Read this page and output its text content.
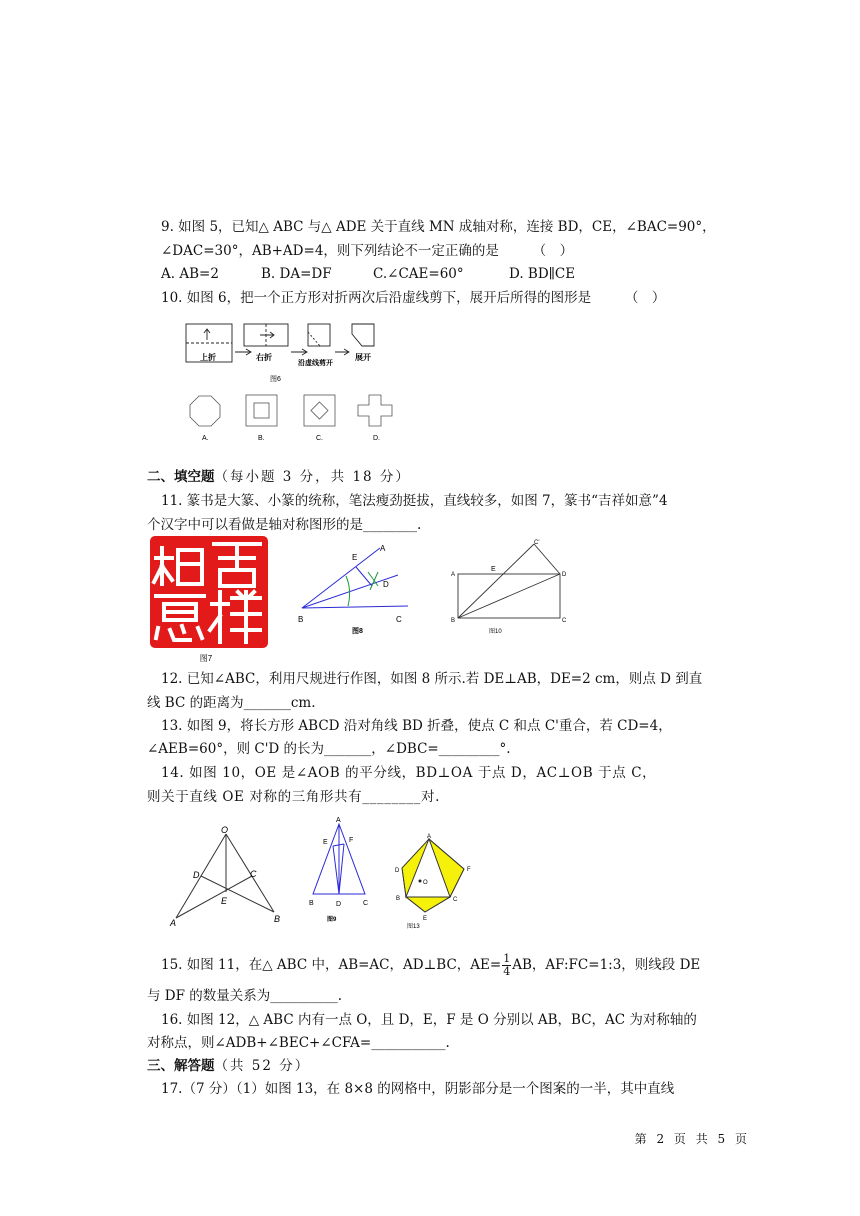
9. 如图 5，已知△ ABC 与△ ADE 关于直线 MN 成轴对称，连接 BD，CE，∠BAC=90°，
∠DAC=30°，AB+AD=4，则下列结论不一定正确的是　　　（　）
A. AB=2	B. DA=DF	C.∠CAE=60°	D. BD∥CE
10. 如图 6，把一个正方形对折两次后沿虚线剪下，展开后所得的图形是　　　（　）
上折	右折
沿虚线剪开
展开
图6
A.	B.	C.	D.
二、填空题（每小题 3 分，共 18 分）
11. 篆书是大篆、小篆的统称，笔法瘦劲挺拔，直线较多，如图 7，篆书“吉祥如意”4
个汉字中可以看做是轴对称图形的是________.
图7
E
A
D
B	C
图8
C'
A
E
D
B	C
图10
12. 已知∠ABC，利用尺规进行作图，如图 8 所示.若 DE⊥AB，DE=2 cm，则点 D 到直
线 BC 的距离为_______cm.
13. 如图 9，将长方形 ABCD 沿对角线 BD 折叠，使点 C 和点 C'重合，若 CD=4，
∠AEB=60°，则 C'D 的长为_______，∠DBC=_________°.
14. 如图 10，OE 是∠AOB 的平分线，BD⊥OA 于点 D，AC⊥OB 于点 C，
则关于直线 OE 对称的三角形共有________对.
O
D	C
E
A	B
A
E	F
B	D	C
图9
A
D
O
F
B
E
C
图13
15. 如图 11，在△ ABC 中，AB=AC，AD⊥BC，$AE= \frac{1}{4}$ AB，AF:FC=1:3，则线段 DE
与 DF 的数量关系为__________.
16. 如图 12，△ ABC 内有一点 O，且 D，E，F 是 O 分别以 AB，BC，AC 为对称轴的
对称点，则∠ADB+∠BEC+∠CFA=___________.
三、解答题（共 52 分）
17.（7 分）（1）如图 13，在 8×8 的网格中，阴影部分是一个图案的一半，其中直线
第 2 页 共 5 页
